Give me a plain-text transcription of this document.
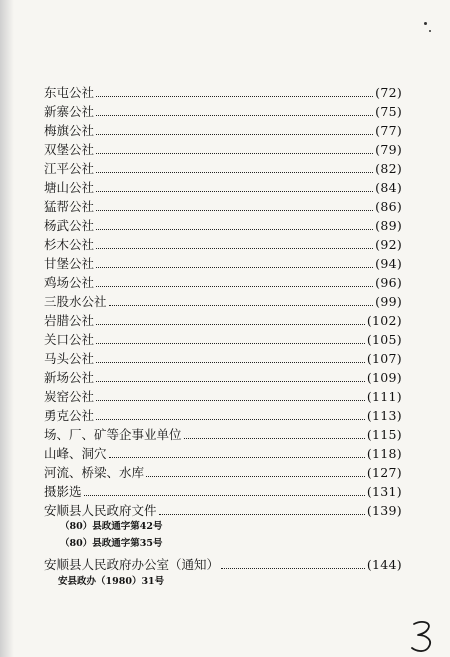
东屯公社	(72)
新寨公社	(75)
梅旗公社	(77)
双堡公社	(79)
江平公社	(82)
塘山公社	(84)
猛帮公社	(86)
杨武公社	(89)
杉木公社	(92)
甘堡公社	(94)
鸡场公社	(96)
三股水公社	(99)
岩腊公社	(102)
关口公社	(105)
马头公社	(107)
新场公社	(109)
炭窑公社	(111)
勇克公社	(113)
场、厂、矿等企事业单位	(115)
山峰、洞穴	(118)
河流、桥梁、水库	(127)
摄影选	(131)
安顺县人民政府文件	(139)
（80）县政通字第42号
（80）县政通字第35号
安顺县人民政府办公室（通知）	(144)
安县政办（1980）31号
